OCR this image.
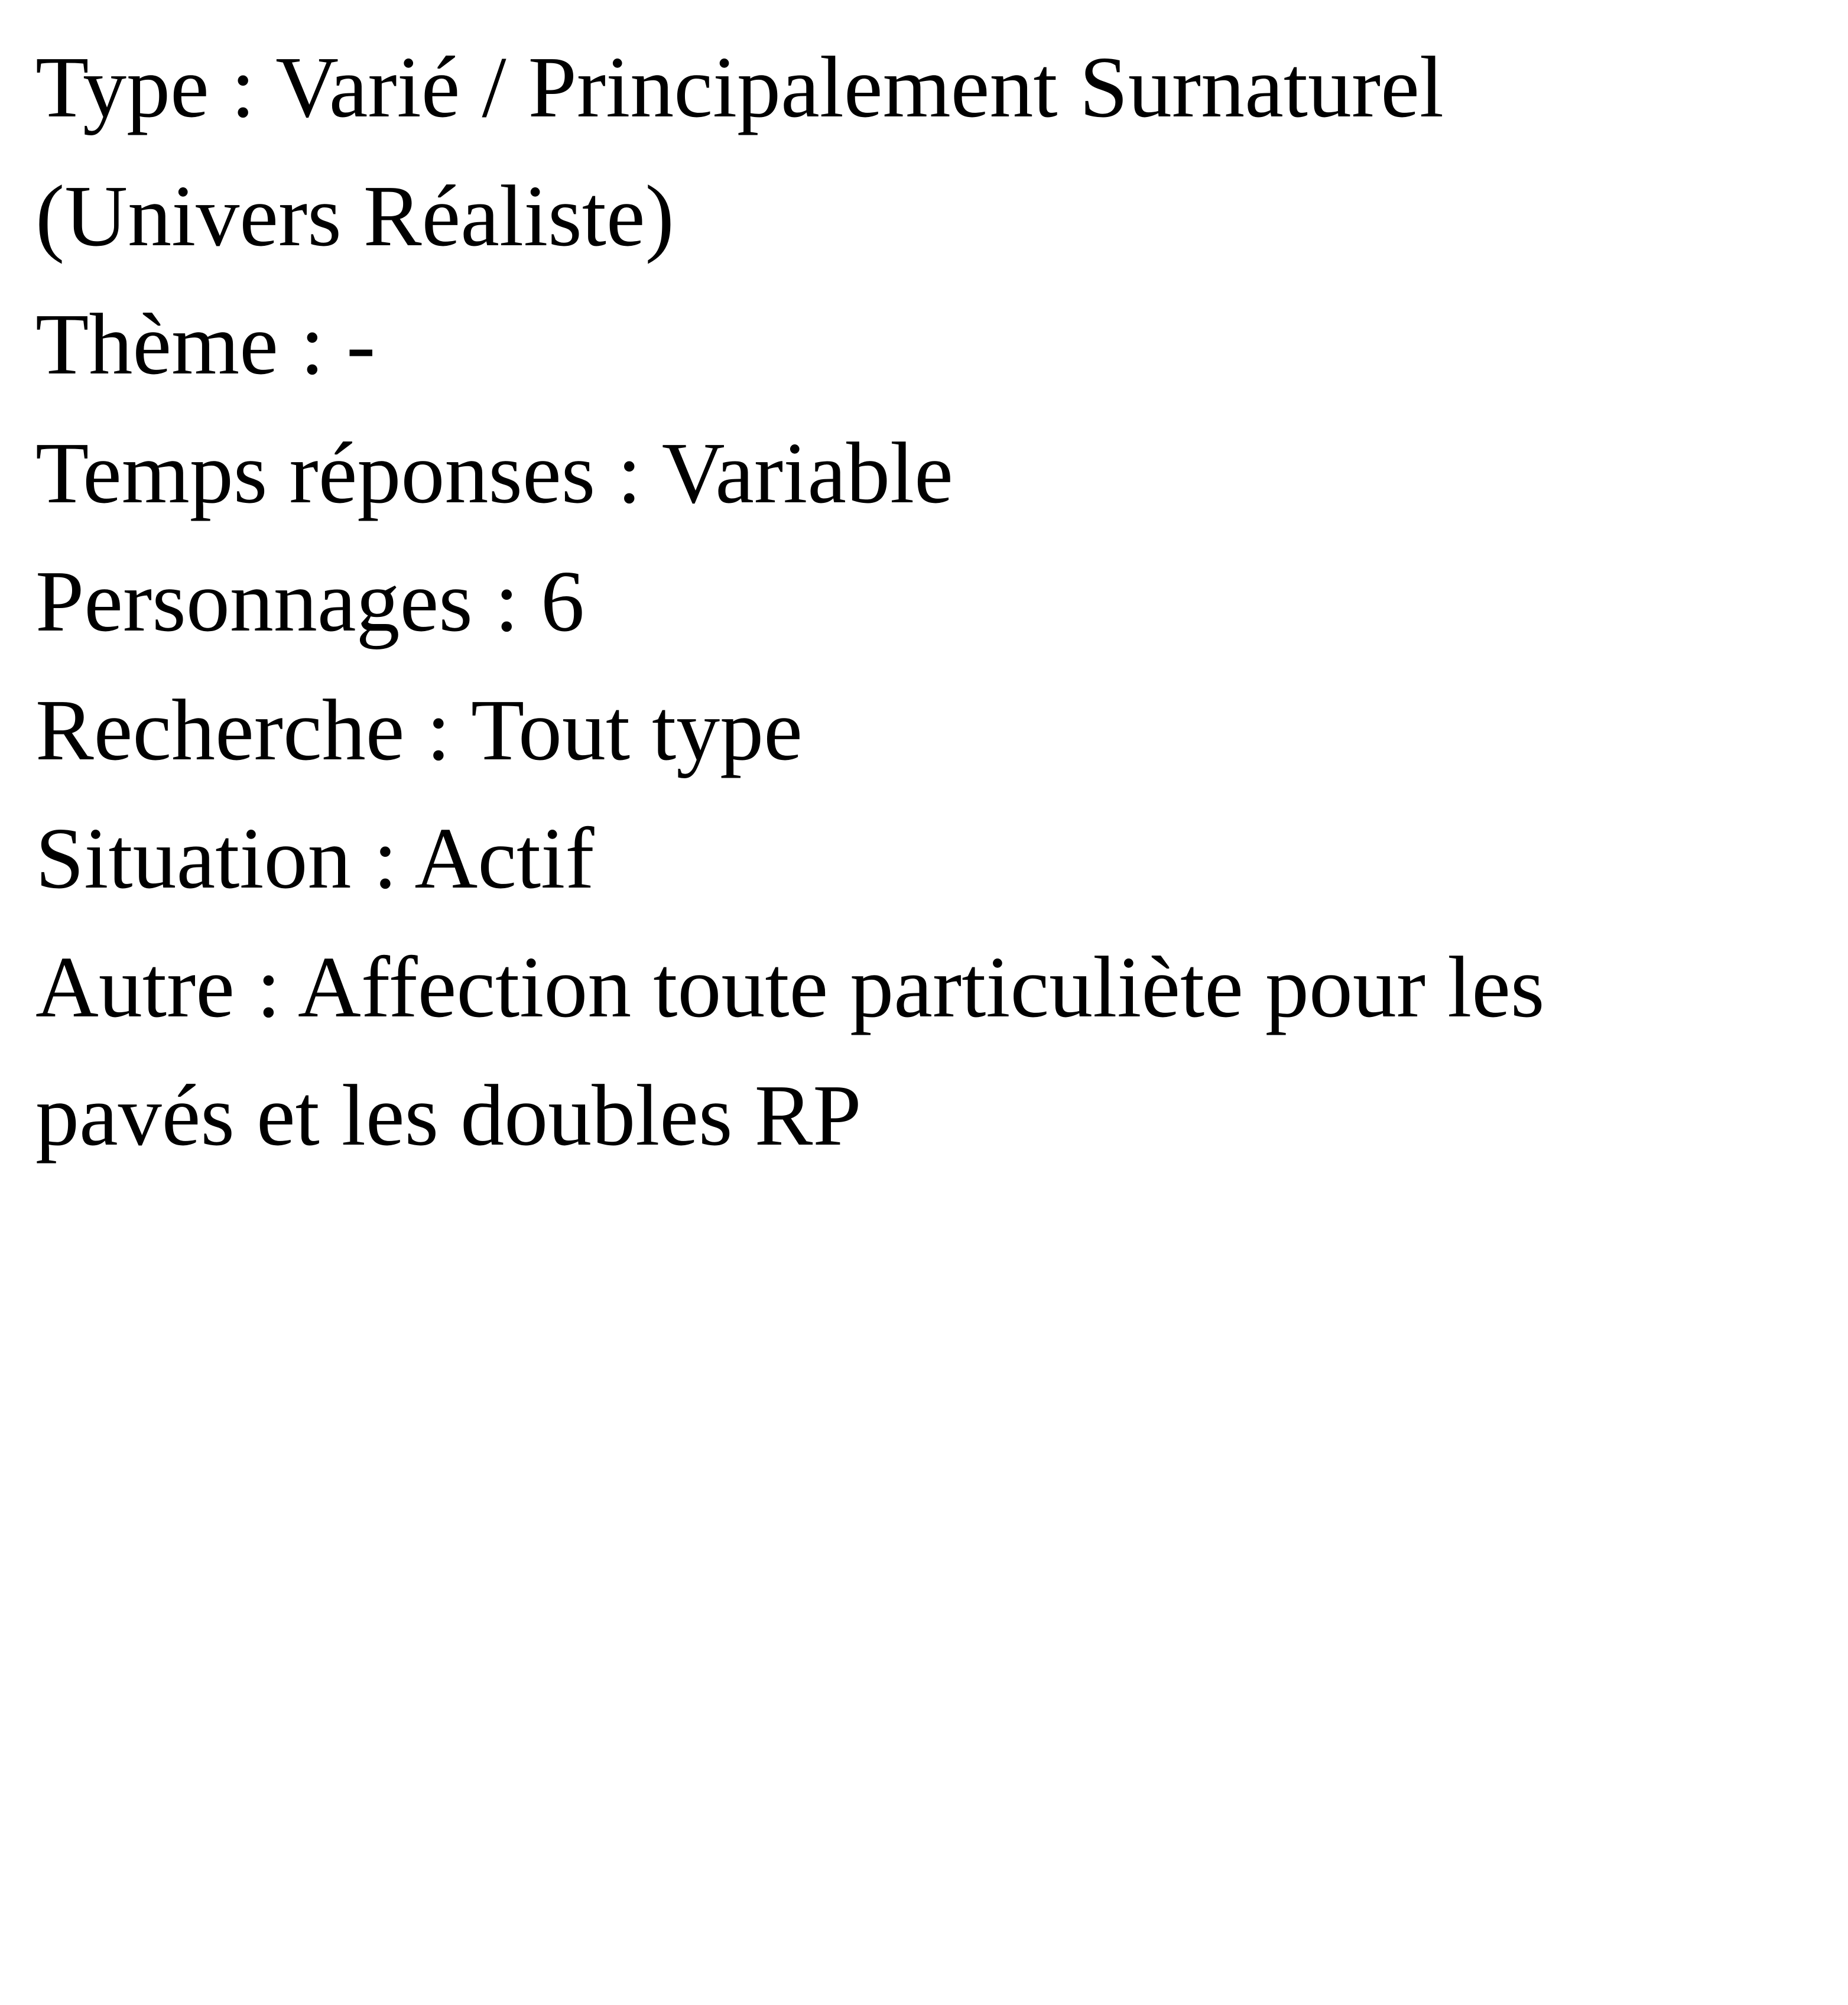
Type : Varié / Principalement Surnaturel (Univers Réaliste)
Thème : -
Temps réponses : Variable
Personnages : 6
Recherche : Tout type
Situation : Actif
Autre : Affection toute particuliète pour les pavés et les doubles RP
